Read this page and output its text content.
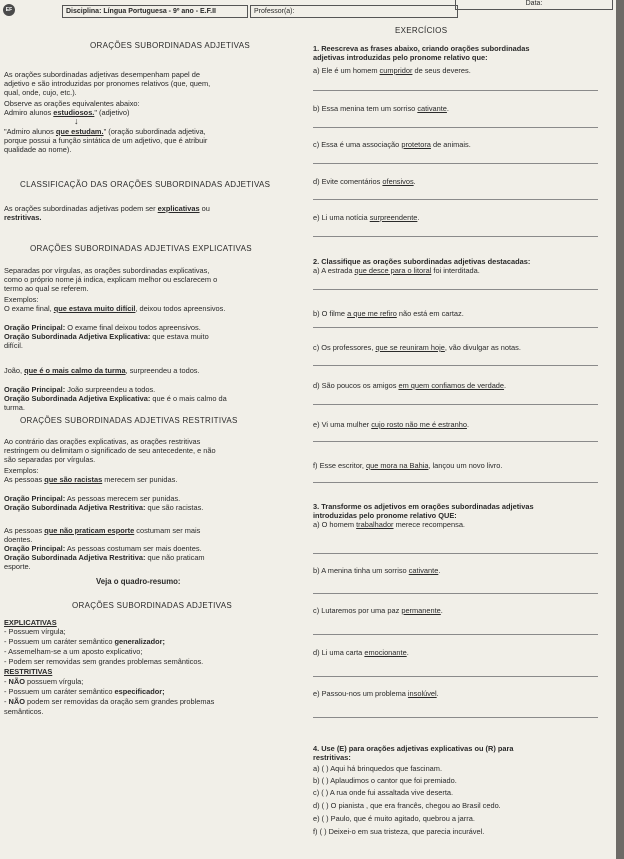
EF	Disciplina: Língua Portuguesa - 9º ano - E.F.II	Professor(a):
Data:
ORAÇÕES SUBORDINADAS ADJETIVAS
As orações subordinadas adjetivas desempenham papel de
adjetivo e são introduzidas por pronomes relativos (que, quem,
qual, onde, cujo, etc.).
Observe as orações equivalentes abaixo:
Admiro alunos estudiosos." (adjetivo)
↓
"Admiro alunos que estudam." (oração subordinada adjetiva,
porque possui a função sintática de um adjetivo, que é atribuir
qualidade ao nome).
CLASSIFICAÇÃO DAS ORAÇÕES SUBORDINADAS ADJETIVAS
As orações subordinadas adjetivas podem ser explicativas ou
restritivas.
ORAÇÕES SUBORDINADAS ADJETIVAS EXPLICATIVAS
Separadas por vírgulas, as orações subordinadas explicativas,
como o próprio nome já indica, explicam melhor ou esclarecem o
termo ao qual se referem.
Exemplos:
O exame final, que estava muito difícil, deixou todos apreensivos.
Oração Principal: O exame final deixou todos apreensivos.
Oração Subordinada Adjetiva Explicativa: que estava muito
difícil.
João, que é o mais calmo da turma, surpreendeu a todos.
Oração Principal: João surpreendeu a todos.
Oração Subordinada Adjetiva Explicativa: que é o mais calmo da
turma.
ORAÇÕES SUBORDINADAS ADJETIVAS RESTRITIVAS
Ao contrário das orações explicativas, as orações restritivas
restringem ou delimitam o significado de seu antecedente, e não
são separadas por vírgulas.
Exemplos:
As pessoas que são racistas merecem ser punidas.
Oração Principal: As pessoas merecem ser punidas.
Oração Subordinada Adjetiva Restritiva: que são racistas.
As pessoas que não praticam esporte costumam ser mais
doentes.
Oração Principal: As pessoas costumam ser mais doentes.
Oração Subordinada Adjetiva Restritiva: que não praticam
esporte.
Veja o quadro-resumo:
ORAÇÕES SUBORDINADAS ADJETIVAS
EXPLICATIVAS
- Possuem vírgula;
- Possuem um caráter semântico generalizador;
- Assemelham-se a um aposto explicativo;
- Podem ser removidas sem grandes problemas semânticos.
RESTRITIVAS
- NÃO possuem vírgula;
- Possuem um caráter semântico especificador;
- NÃO podem ser removidas da oração sem grandes problemas
semânticos.
EXERCÍCIOS
1. Reescreva as frases abaixo, criando orações subordinadas
adjetivas introduzidas pelo pronome relativo que:
a) Ele é um homem cumpridor de seus deveres.
b) Essa menina tem um sorriso cativante.
c) Essa é uma associação protetora de animais.
d) Evite comentários ofensivos.
e) Li uma notícia surpreendente.
2. Classifique as orações subordinadas adjetivas destacadas:
a) A estrada que desce para o litoral foi interditada.
b) O filme a que me refiro não está em cartaz.
c) Os professores, que se reuniram hoje, vão divulgar as notas.
d) São poucos os amigos em quem confiamos de verdade.
e) Vi uma mulher cujo rosto não me é estranho.
f) Esse escritor, que mora na Bahia, lançou um novo livro.
3. Transforme os adjetivos em orações subordinadas adjetivas
introduzidas pelo pronome relativo QUE:
a) O homem trabalhador merece recompensa.
b) A menina tinha um sorriso cativante.
c) Lutaremos por uma paz permanente.
d) Li uma carta emocionante.
e) Passou-nos um problema insolúvel.
4. Use (E) para orações adjetivas explicativas ou (R) para
restritivas:
a) ( ) Aqui há brinquedos que fascinam.
b) ( ) Aplaudimos o cantor que foi premiado.
c) ( ) A rua onde fui assaltada vive deserta.
d) ( ) O pianista , que era francês, chegou ao Brasil cedo.
e) ( ) Paulo, que é muito agitado, quebrou a jarra.
f) ( ) Deixei-o em sua tristeza, que parecia incurável.
